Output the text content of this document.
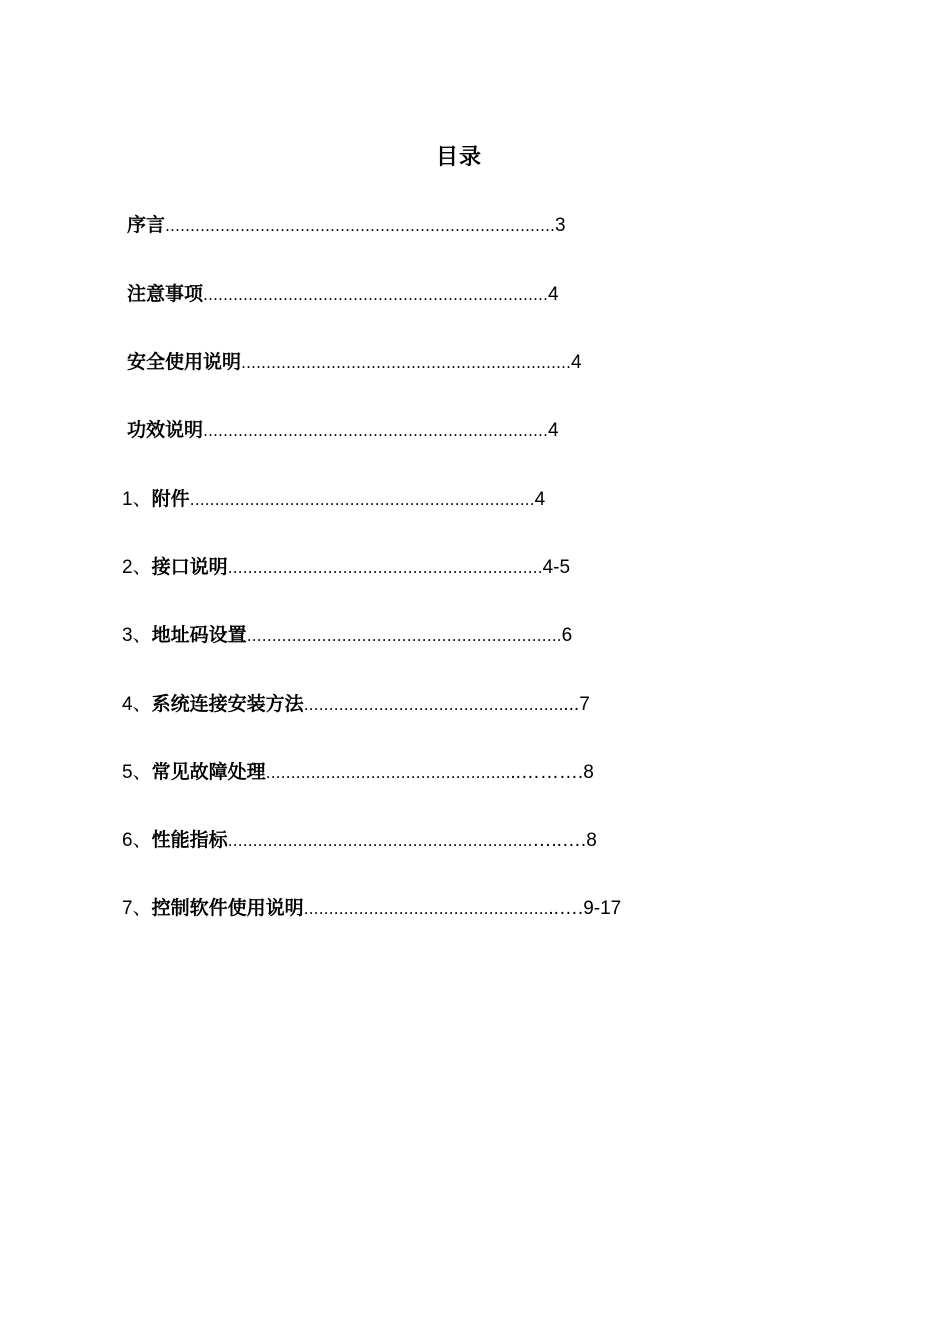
目录
序言……………………………………………………………………3
注意事项……………………………………………………………4
安全使用说明…………………………………………………………4
功效说明……………………………………………………………4
1、附件……………………………………………………………4
2、接口说明………………………………………………………4-5
3、地址码设置………………………………………………………6
4、系统连接安装方法……………………………………………....7
5、常见故障处理…………………………………………...……….8
6、性能指标…………………………………………………….…..….8
7、控制软件使用说明…………………………………………...….9-17
